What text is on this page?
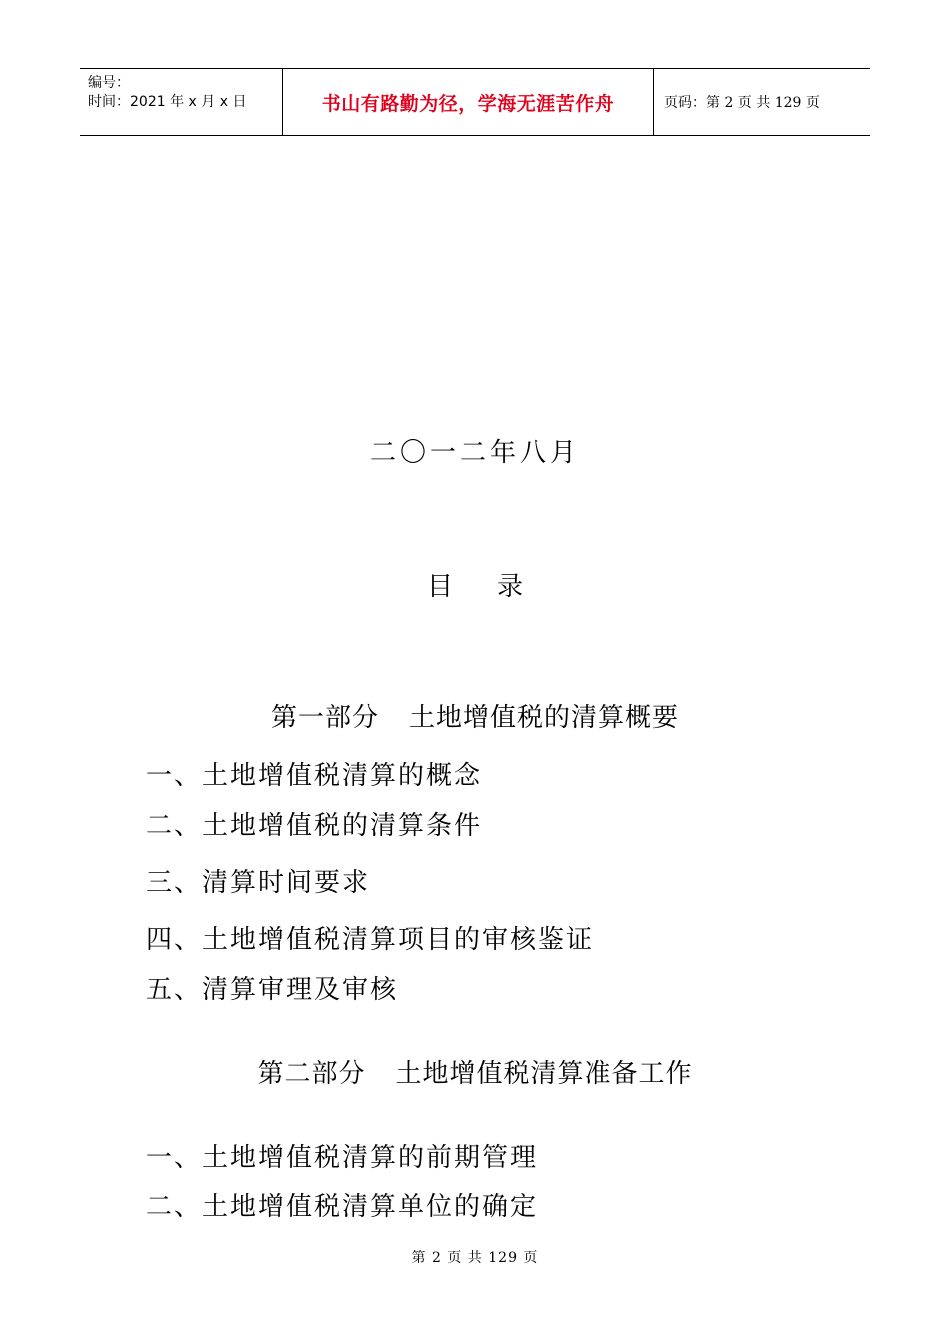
编号：
时间：2021 年 x 月 x 日	书山有路勤为径，学海无涯苦作舟	页码：第 2 页 共 129 页
二〇一二年八月
目 录
第一部分 土地增值税的清算概要
一、土地增值税清算的概念
二、土地增值税的清算条件
三、清算时间要求
四、土地增值税清算项目的审核鉴证
五、清算审理及审核
第二部分 土地增值税清算准备工作
一、土地增值税清算的前期管理
二、土地增值税清算单位的确定
第 2 页 共 129 页
